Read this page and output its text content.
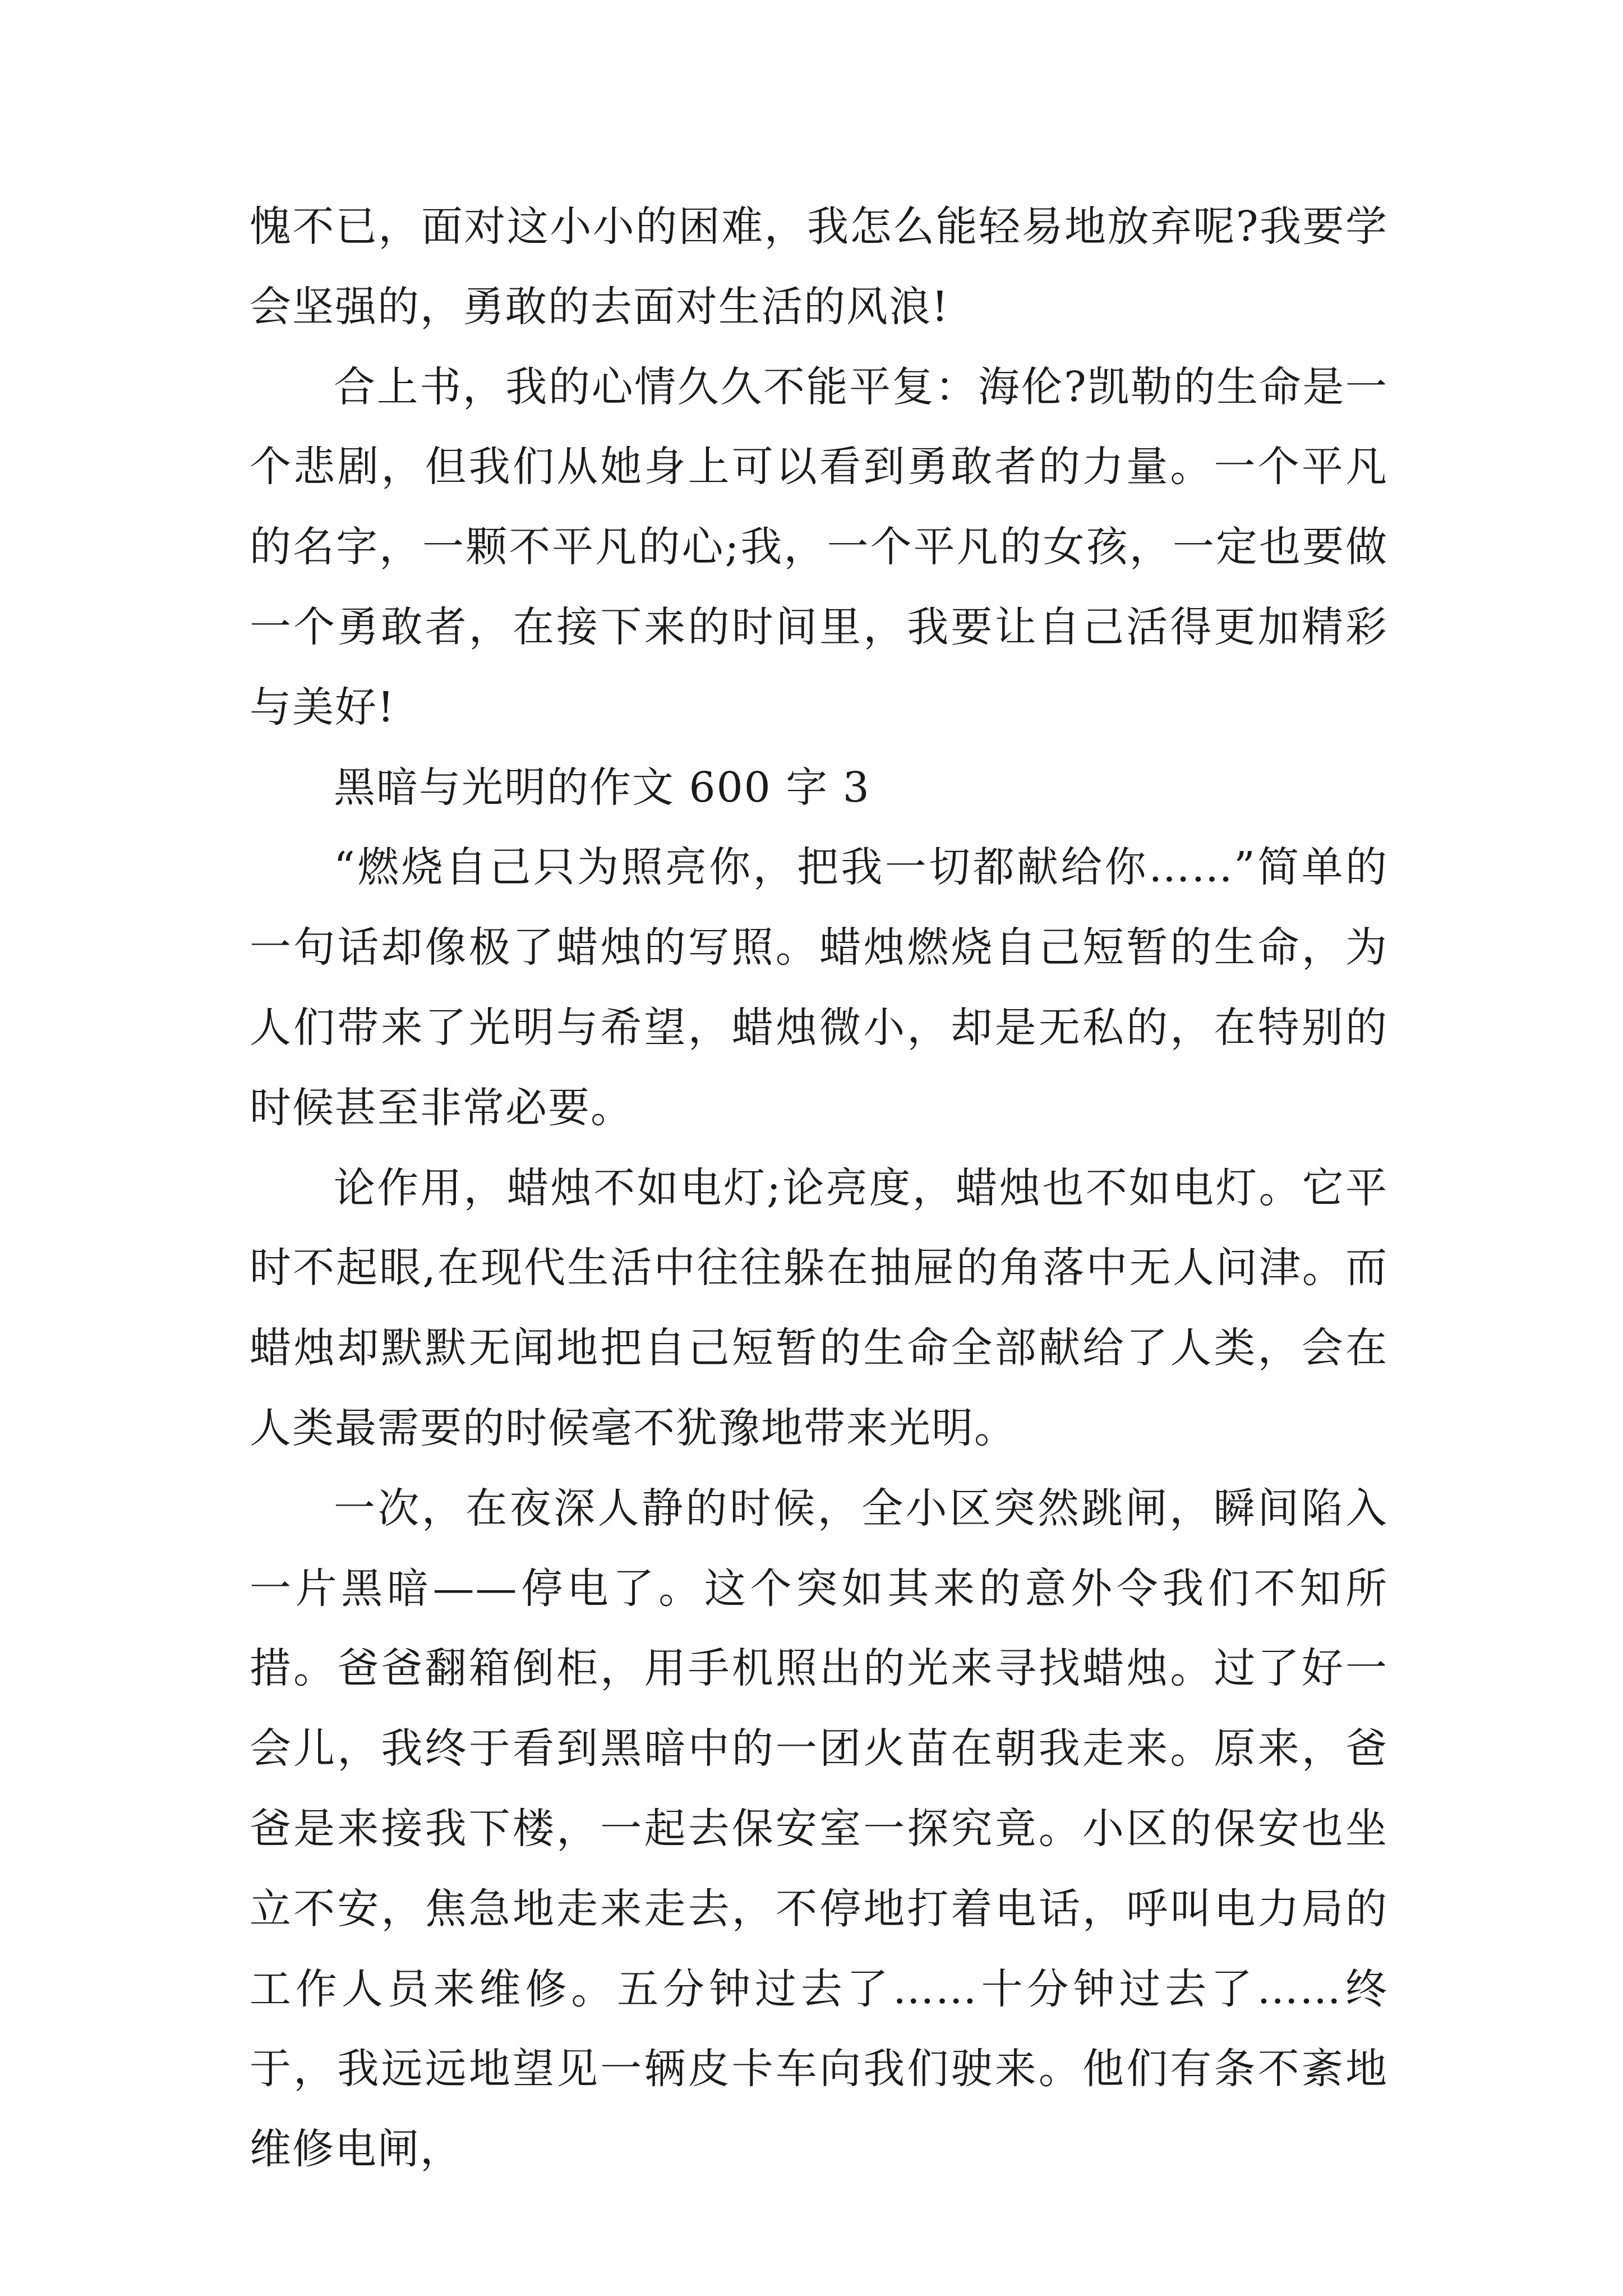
愧不已，面对这小小的困难，我怎么能轻易地放弃呢?我要学会坚强的，勇敢的去面对生活的风浪!

合上书，我的心情久久不能平复：海伦?凯勒的生命是一个悲剧，但我们从她身上可以看到勇敢者的力量。一个平凡的名字，一颗不平凡的心;我，一个平凡的女孩，一定也要做一个勇敢者，在接下来的时间里，我要让自己活得更加精彩与美好!

黑暗与光明的作文 600 字 3

“燃烧自己只为照亮你，把我一切都献给你……”简单的一句话却像极了蜡烛的写照。蜡烛燃烧自己短暂的生命，为人们带来了光明与希望，蜡烛微小，却是无私的，在特别的时候甚至非常必要。

论作用，蜡烛不如电灯;论亮度，蜡烛也不如电灯。它平时不起眼,在现代生活中往往躲在抽屉的角落中无人问津。而蜡烛却默默无闻地把自己短暂的生命全部献给了人类，会在人类最需要的时候毫不犹豫地带来光明。

一次，在夜深人静的时候，全小区突然跳闸，瞬间陷入一片黑暗——停电了。这个突如其来的意外令我们不知所措。爸爸翻箱倒柜，用手机照出的光来寻找蜡烛。过了好一会儿，我终于看到黑暗中的一团火苗在朝我走来。原来，爸爸是来接我下楼，一起去保安室一探究竟。小区的保安也坐立不安，焦急地走来走去，不停地打着电话，呼叫电力局的工作人员来维修。五分钟过去了……十分钟过去了……终于，我远远地望见一辆皮卡车向我们驶来。他们有条不紊地维修电闸，
